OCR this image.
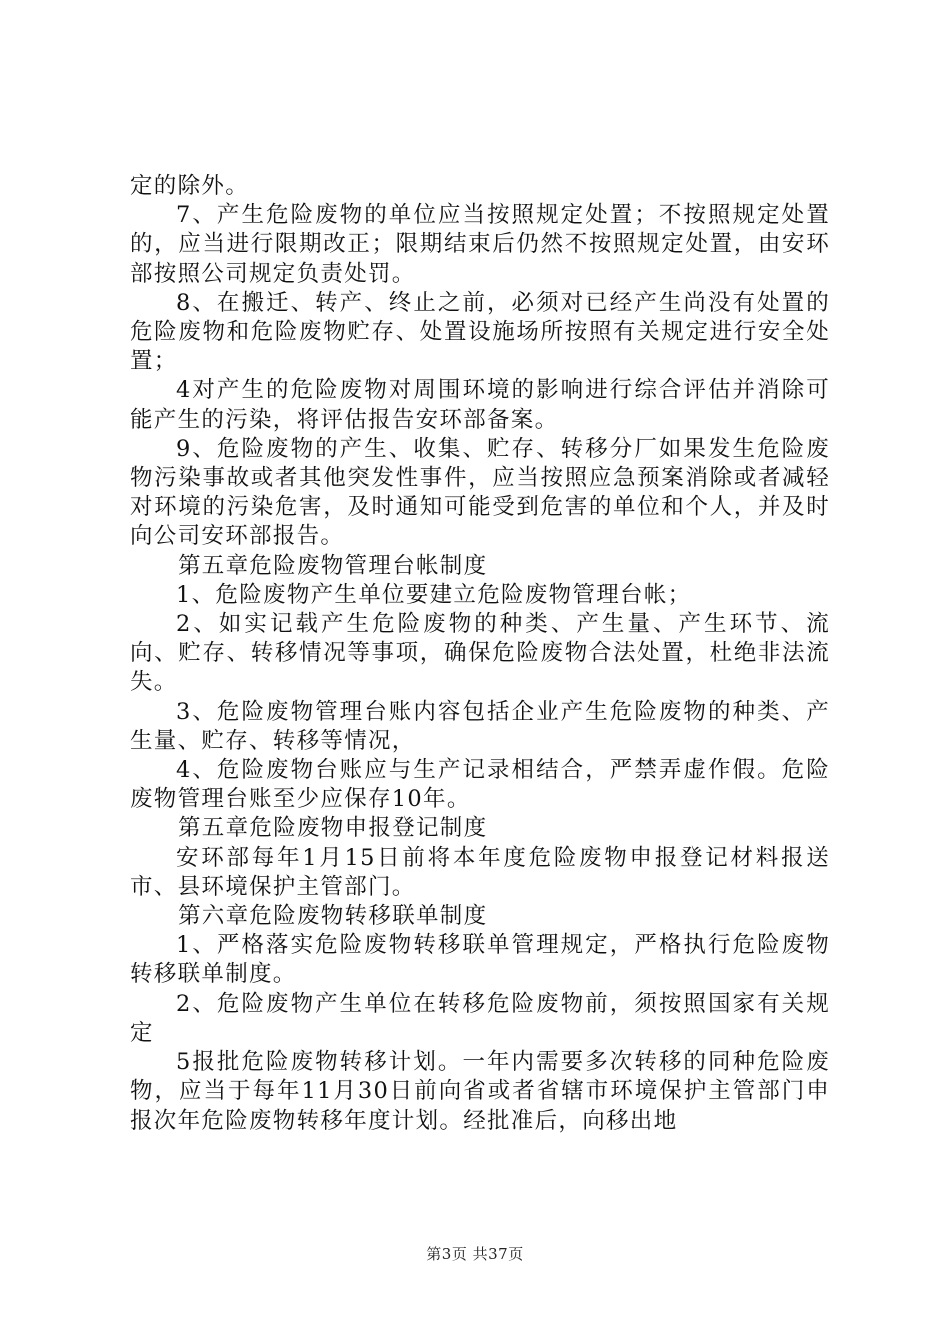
定的除外。

7、产生危险废物的单位应当按照规定处置；不按照规定处置的，应当进行限期改正；限期结束后仍然不按照规定处置，由安环部按照公司规定负责处罚。

8、在搬迁、转产、终止之前，必须对已经产生尚没有处置的危险废物和危险废物贮存、处置设施场所按照有关规定进行安全处置；

4对产生的危险废物对周围环境的影响进行综合评估并消除可能产生的污染，将评估报告安环部备案。

9、危险废物的产生、收集、贮存、转移分厂如果发生危险废物污染事故或者其他突发性事件，应当按照应急预案消除或者减轻对环境的污染危害，及时通知可能受到危害的单位和个人，并及时向公司安环部报告。

第五章危险废物管理台帐制度

1、危险废物产生单位要建立危险废物管理台帐；

2、如实记载产生危险废物的种类、产生量、产生环节、流向、贮存、转移情况等事项，确保危险废物合法处置，杜绝非法流失。

3、危险废物管理台账内容包括企业产生危险废物的种类、产生量、贮存、转移等情况，

4、危险废物台账应与生产记录相结合，严禁弄虚作假。危险废物管理台账至少应保存10年。

第五章危险废物申报登记制度

安环部每年1月15日前将本年度危险废物申报登记材料报送市、县环境保护主管部门。

第六章危险废物转移联单制度

1、严格落实危险废物转移联单管理规定，严格执行危险废物转移联单制度。

2、危险废物产生单位在转移危险废物前，须按照国家有关规定

5报批危险废物转移计划。一年内需要多次转移的同种危险废物，应当于每年11月30日前向省或者省辖市环境保护主管部门申报次年危险废物转移年度计划。经批准后，向移出地

第3页 共37页
